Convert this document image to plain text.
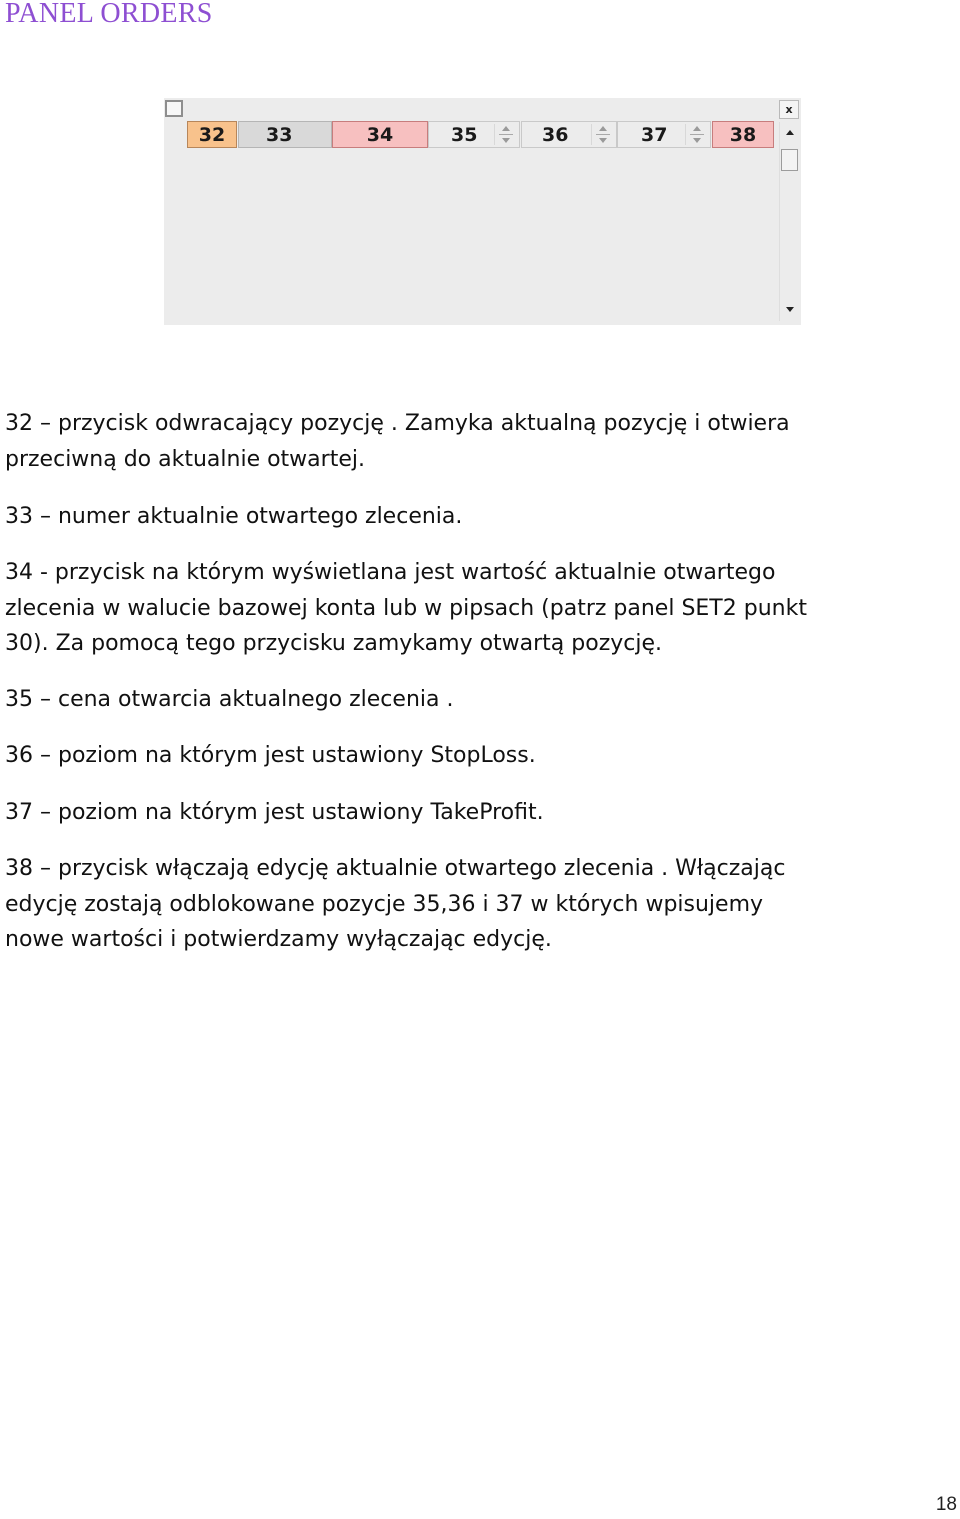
PANEL ORDERS
32	33	34	35	36	37	38
x

32 – przycisk odwracający pozycję . Zamyka aktualną pozycję i otwiera
przeciwną do aktualnie otwartej.

33 – numer aktualnie otwartego zlecenia.

34 - przycisk na którym wyświetlana jest wartość aktualnie otwartego
zlecenia w walucie bazowej konta lub w pipsach (patrz panel SET2 punkt
30). Za pomocą tego przycisku zamykamy otwartą pozycję.

35 – cena otwarcia aktualnego zlecenia .

36 – poziom na którym jest ustawiony StopLoss.

37 – poziom na którym jest ustawiony TakeProfit.

38 – przycisk włączają edycję aktualnie otwartego zlecenia . Włączając
edycję zostają odblokowane pozycje 35,36 i 37 w których wpisujemy
nowe wartości i potwierdzamy wyłączając edycję.

18
